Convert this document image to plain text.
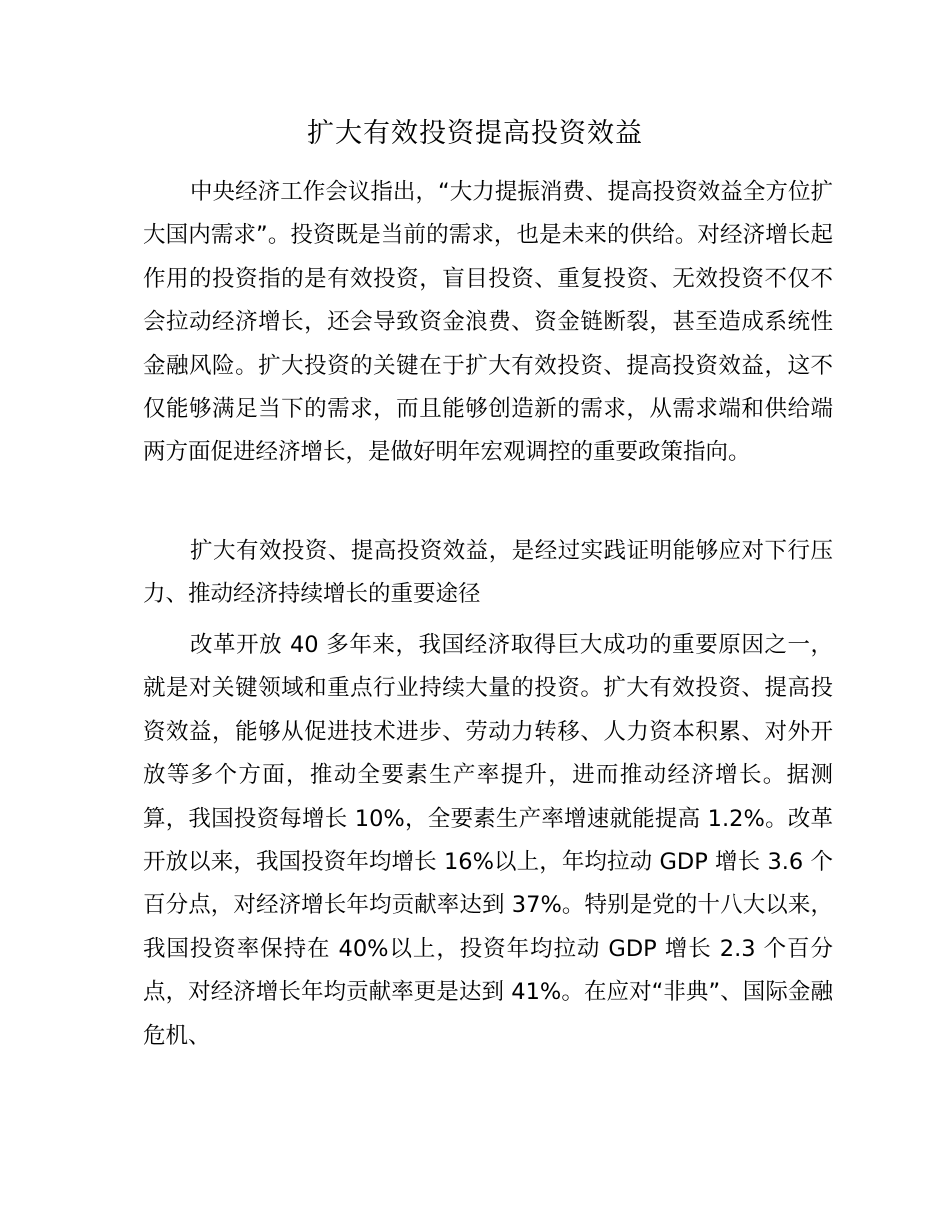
扩大有效投资提高投资效益

中央经济工作会议指出，“大力提振消费、提高投资效益全方位扩大国内需求”。投资既是当前的需求，也是未来的供给。对经济增长起作用的投资指的是有效投资，盲目投资、重复投资、无效投资不仅不会拉动经济增长，还会导致资金浪费、资金链断裂，甚至造成系统性金融风险。扩大投资的关键在于扩大有效投资、提高投资效益，这不仅能够满足当下的需求，而且能够创造新的需求，从需求端和供给端两方面促进经济增长，是做好明年宏观调控的重要政策指向。

扩大有效投资、提高投资效益，是经过实践证明能够应对下行压力、推动经济持续增长的重要途径

改革开放 40 多年来，我国经济取得巨大成功的重要原因之一，就是对关键领域和重点行业持续大量的投资。扩大有效投资、提高投资效益，能够从促进技术进步、劳动力转移、人力资本积累、对外开放等多个方面，推动全要素生产率提升，进而推动经济增长。据测算，我国投资每增长 10%，全要素生产率增速就能提高 1.2%。改革开放以来，我国投资年均增长 16%以上，年均拉动 GDP 增长 3.6 个百分点，对经济增长年均贡献率达到 37%。特别是党的十八大以来，我国投资率保持在 40%以上，投资年均拉动 GDP 增长 2.3 个百分点，对经济增长年均贡献率更是达到 41%。在应对“非典”、国际金融危机、
